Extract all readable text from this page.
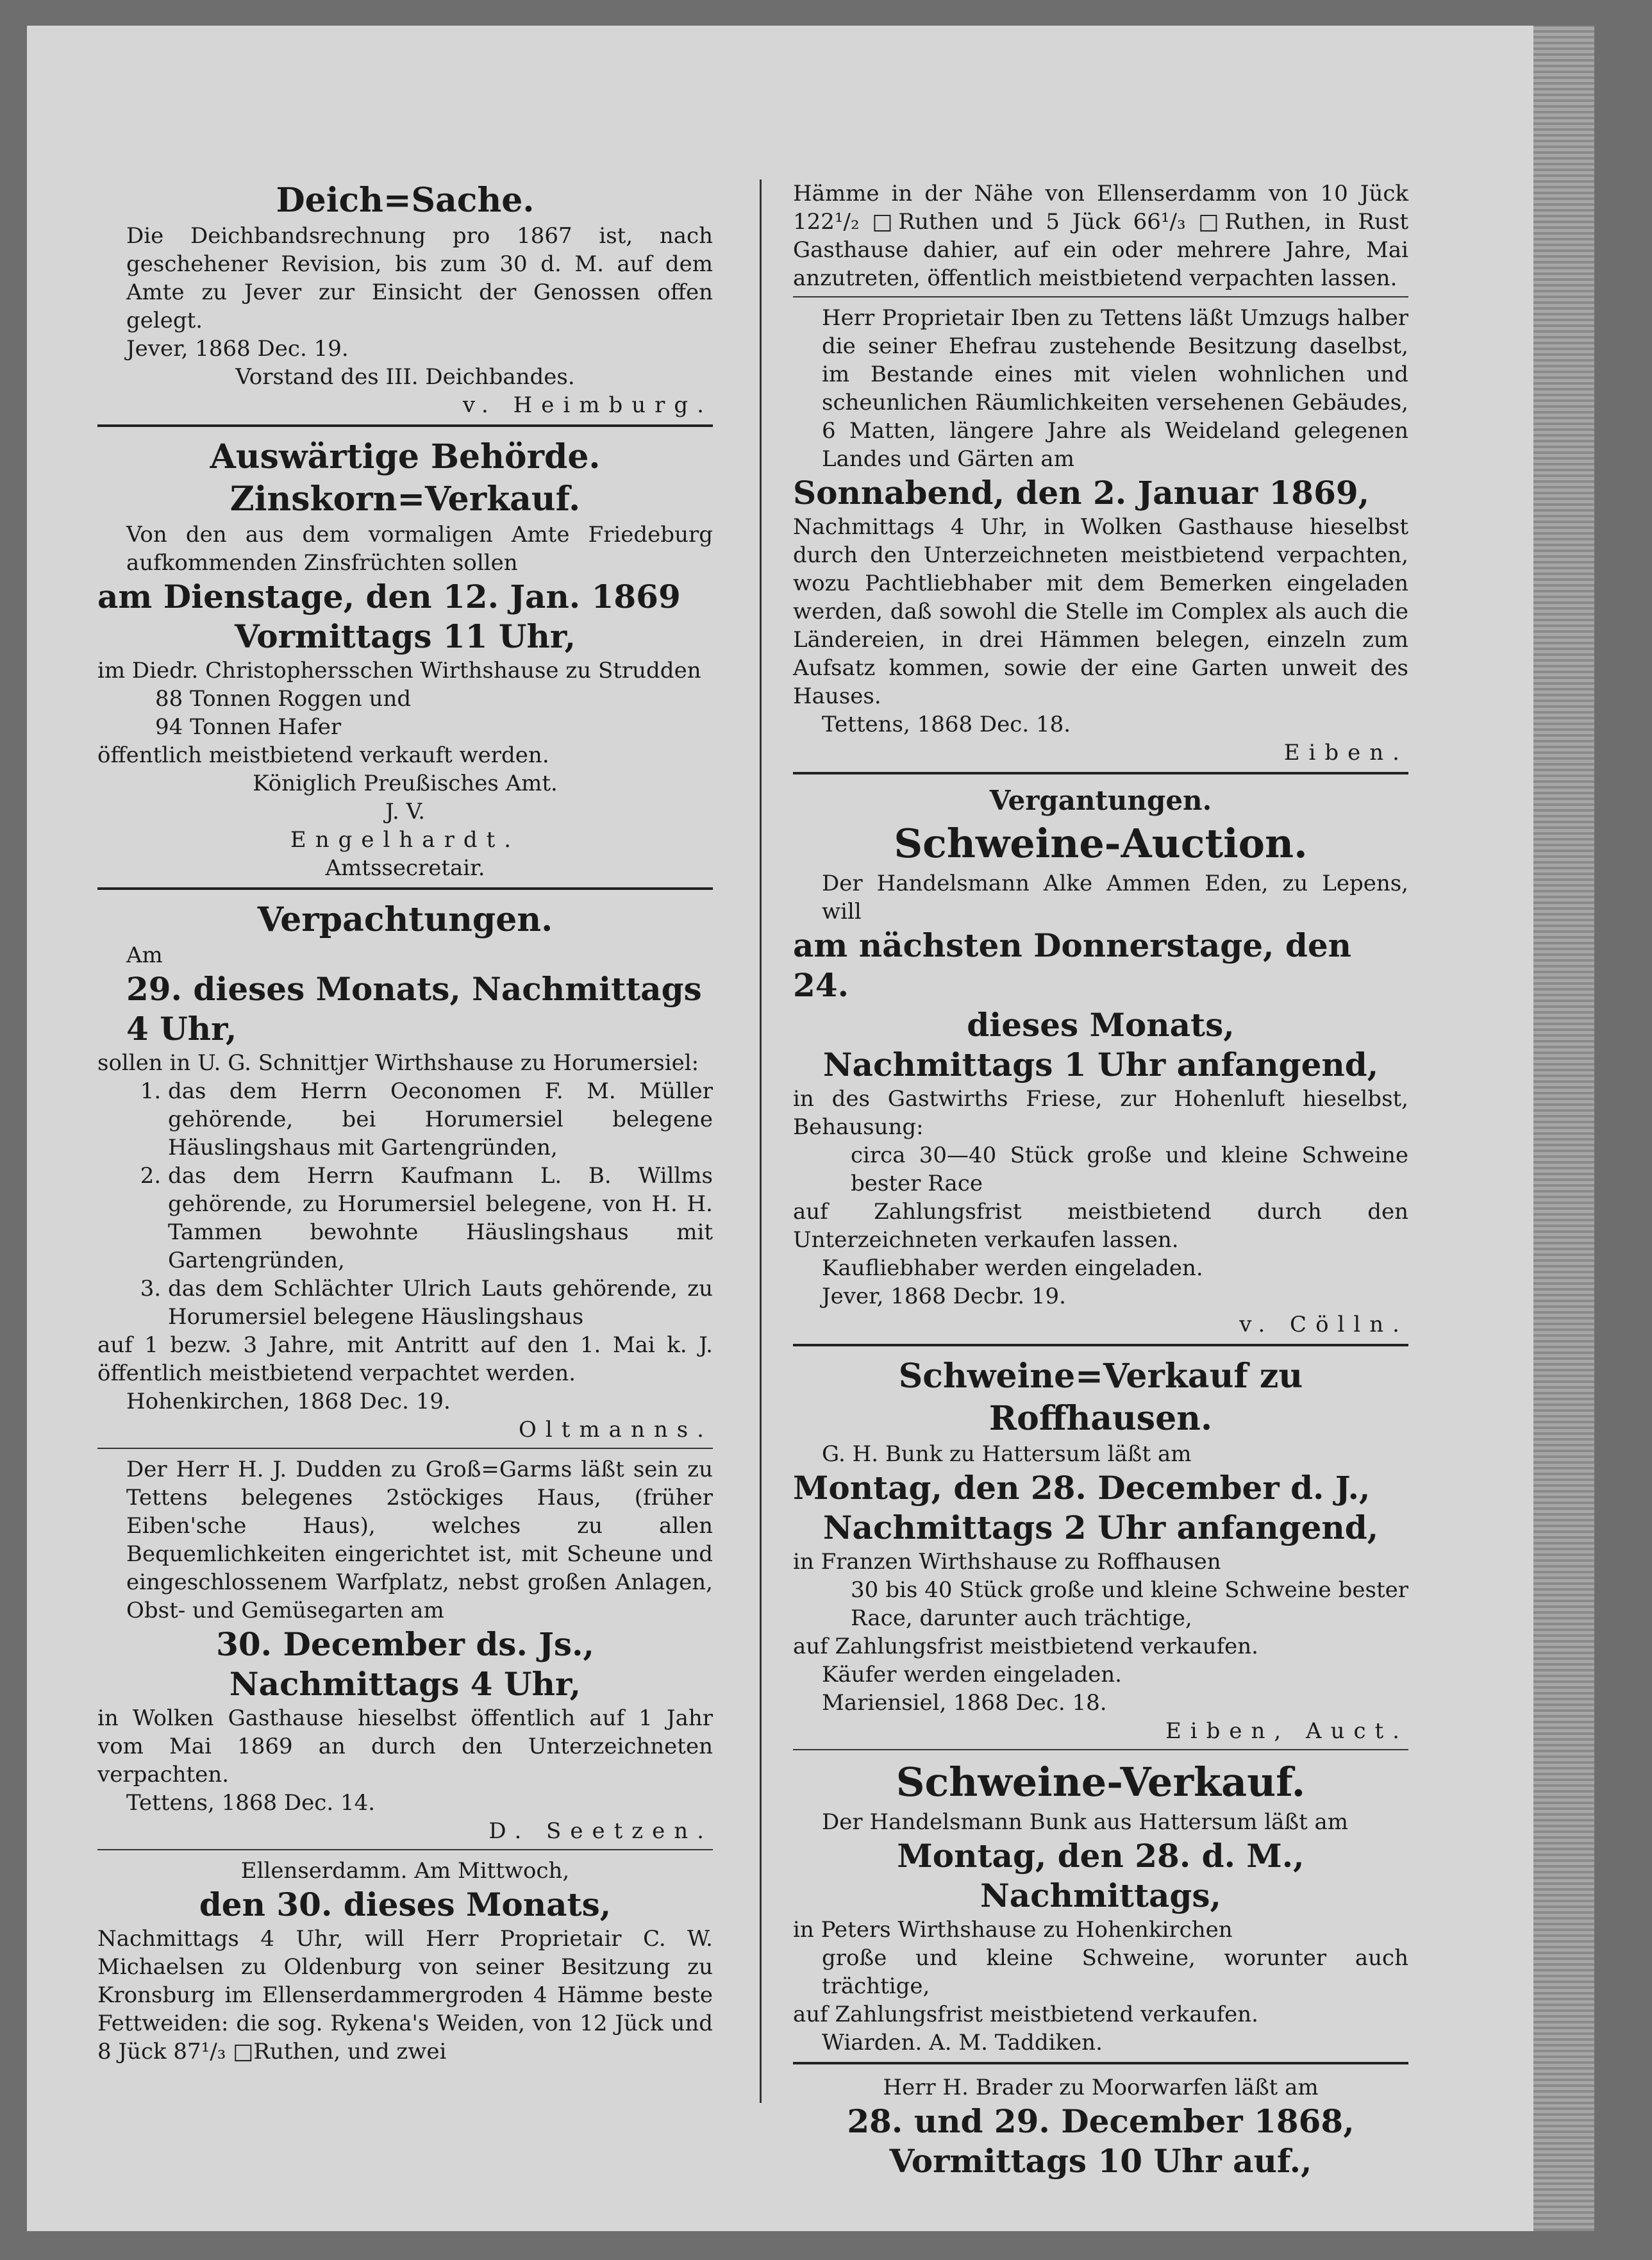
Deich=Sache.

Die Deichbandsrechnung pro 1867 ist, nach geschehener Revision, bis zum 30 d. M. auf dem Amte zu Jever zur Einsicht der Genossen offen gelegt.

Jever, 1868 Dec. 19.

Vorstand des III. Deichbandes.

v. Heimburg.

Auswärtige Behörde.
Zinskorn=Verkauf.

Von den aus dem vormaligen Amte Friedeburg aufkommenden Zinsfrüchten sollen

am Dienstage, den 12. Jan. 1869
Vormittags 11 Uhr,

im Diedr. Christophersschen Wirthshause zu Strudden

88 Tonnen Roggen und

94 Tonnen Hafer

öffentlich meistbietend verkauft werden.

Königlich Preußisches Amt.

J. V.

Engelhardt.

Amtssecretair.

Verpachtungen.

Am

29. dieses Monats, Nachmittags
4 Uhr,

sollen in U. G. Schnittjer Wirthshause zu Horumersiel:

1. das dem Herrn Oeconomen F. M. Müller gehörende, bei Horumersiel belegene Häuslingshaus mit Gartengründen,
2. das dem Herrn Kaufmann L. B. Willms gehörende, zu Horumersiel belegene, von H. H. Tammen bewohnte Häuslingshaus mit Gartengründen,
3. das dem Schlächter Ulrich Lauts gehörende, zu Horumersiel belegene Häuslingshaus

auf 1 bezw. 3 Jahre, mit Antritt auf den 1. Mai k. J. öffentlich meistbietend verpachtet werden.

Hohenkirchen, 1868 Dec. 19.

Oltmanns.

Der Herr H. J. Dudden zu Groß=Garms läßt sein zu Tettens belegenes 2stöckiges Haus, (früher Eiben'sche Haus), welches zu allen Bequemlichkeiten eingerichtet ist, mit Scheune und eingeschlossenem Warfplatz, nebst großen Anlagen, Obst- und Gemüsegarten am

30. December ds. Js.,
Nachmittags 4 Uhr,

in Wolken Gasthause hieselbst öffentlich auf 1 Jahr vom Mai 1869 an durch den Unterzeichneten verpachten.

Tettens, 1868 Dec. 14.

D. Seetzen.

Ellenserdamm. Am Mittwoch,

den 30. dieses Monats,

Nachmittags 4 Uhr, will Herr Proprietair C. W. Michaelsen zu Oldenburg von seiner Besitzung zu Kronsburg im Ellenserdammergroden 4 Hämme beste Fettweiden: die sog. Rykena's Weiden, von 12 Jück und 8 Jück 87¹/₃ □Ruthen, und zwei

Hämme in der Nähe von Ellenserdamm von 10 Jück 122¹/₂ □Ruthen und 5 Jück 66¹/₃ □Ruthen, in Rust Gasthause dahier, auf ein oder mehrere Jahre, Mai anzutreten, öffentlich meistbietend verpachten lassen.

Herr Proprietair Iben zu Tettens läßt Umzugs halber die seiner Ehefrau zustehende Besitzung daselbst, im Bestande eines mit vielen wohnlichen und scheunlichen Räumlichkeiten versehenen Gebäudes, 6 Matten, längere Jahre als Weideland gelegenen Landes und Gärten am

Sonnabend, den 2. Januar 1869,

Nachmittags 4 Uhr, in Wolken Gasthause hieselbst durch den Unterzeichneten meistbietend verpachten, wozu Pachtliebhaber mit dem Bemerken eingeladen werden, daß sowohl die Stelle im Complex als auch die Ländereien, in drei Hämmen belegen, einzeln zum Aufsatz kommen, sowie der eine Garten unweit des Hauses.

Tettens, 1868 Dec. 18.

Eiben.

Vergantungen.
Schweine-Auction.

Der Handelsmann Alke Ammen Eden, zu Lepens, will

am nächsten Donnerstage, den 24.
dieses Monats,
Nachmittags 1 Uhr anfangend,

in des Gastwirths Friese, zur Hohenluft hieselbst, Behausung:

circa 30—40 Stück große und kleine Schweine bester Race

auf Zahlungsfrist meistbietend durch den Unterzeichneten verkaufen lassen.

Kaufliebhaber werden eingeladen.

Jever, 1868 Decbr. 19.

v. Cölln.

Schweine=Verkauf zu Roffhausen.

G. H. Bunk zu Hattersum läßt am

Montag, den 28. December d. J.,
Nachmittags 2 Uhr anfangend,

in Franzen Wirthshause zu Roffhausen

30 bis 40 Stück große und kleine Schweine bester Race, darunter auch trächtige,

auf Zahlungsfrist meistbietend verkaufen.

Käufer werden eingeladen.

Mariensiel, 1868 Dec. 18.

Eiben, Auct.

Schweine-Verkauf.

Der Handelsmann Bunk aus Hattersum läßt am

Montag, den 28. d. M., Nachmittags,

in Peters Wirthshause zu Hohenkirchen

große und kleine Schweine, worunter auch trächtige,

auf Zahlungsfrist meistbietend verkaufen.

Wiarden. A. M. Taddiken.

Herr H. Brader zu Moorwarfen läßt am

28. und 29. December 1868,
Vormittags 10 Uhr auf.,
